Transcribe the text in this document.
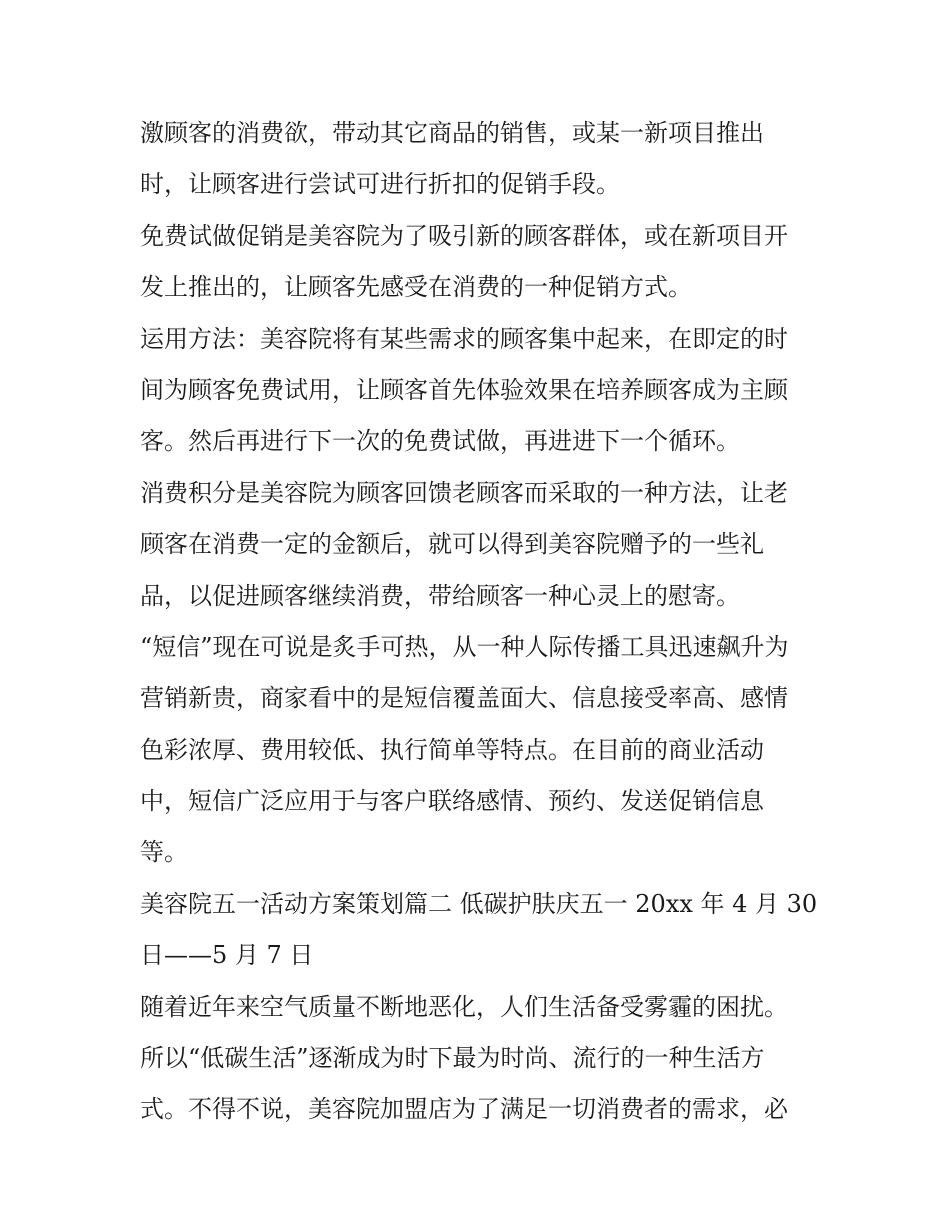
激顾客的消费欲，带动其它商品的销售，或某一新项目推出
时，让顾客进行尝试可进行折扣的促销手段。
免费试做促销是美容院为了吸引新的顾客群体，或在新项目开
发上推出的，让顾客先感受在消费的一种促销方式。
运用方法：美容院将有某些需求的顾客集中起来，在即定的时
间为顾客免费试用，让顾客首先体验效果在培养顾客成为主顾
客。然后再进行下一次的免费试做，再进进下一个循环。
消费积分是美容院为顾客回馈老顾客而采取的一种方法，让老
顾客在消费一定的金额后，就可以得到美容院赠予的一些礼
品，以促进顾客继续消费，带给顾客一种心灵上的慰寄。
“短信”现在可说是炙手可热，从一种人际传播工具迅速飙升为
营销新贵，商家看中的是短信覆盖面大、信息接受率高、感情
色彩浓厚、费用较低、执行简单等特点。在目前的商业活动
中，短信广泛应用于与客户联络感情、预约、发送促销信息
等。
美容院五一活动方案策划篇二 低碳护肤庆五一 20xx 年 4 月 30
日——5 月 7 日
随着近年来空气质量不断地恶化，人们生活备受雾霾的困扰。
所以“低碳生活”逐渐成为时下最为时尚、流行的一种生活方
式。不得不说，美容院加盟店为了满足一切消费者的需求，必
